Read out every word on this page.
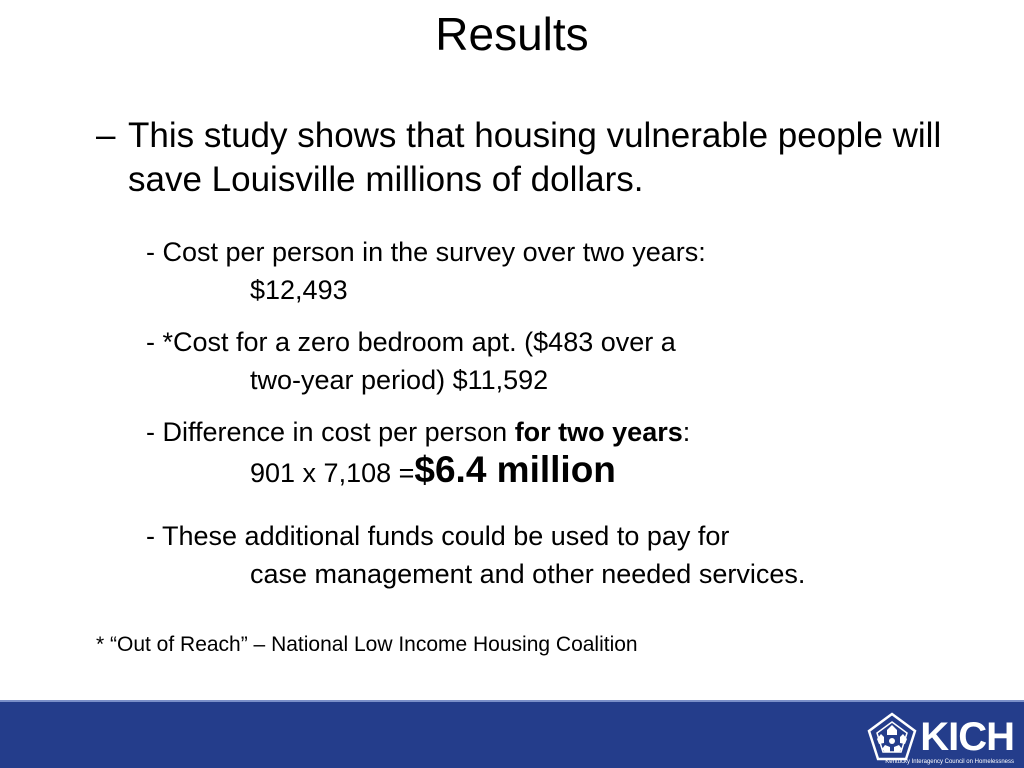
Results
– This study shows that housing vulnerable people will save Louisville millions of dollars.
- Cost per person in the survey over two years:
$12,493
- *Cost for a zero bedroom apt. ($483 over a
two-year period) $11,592
- Difference in cost per person for two years:
901 x 7,108 =$6.4 million
- These additional funds could be used to pay for
case management and other needed services.
* “Out of Reach” – National Low Income Housing Coalition
KICH
Kentucky Interagency Council on Homelessness
